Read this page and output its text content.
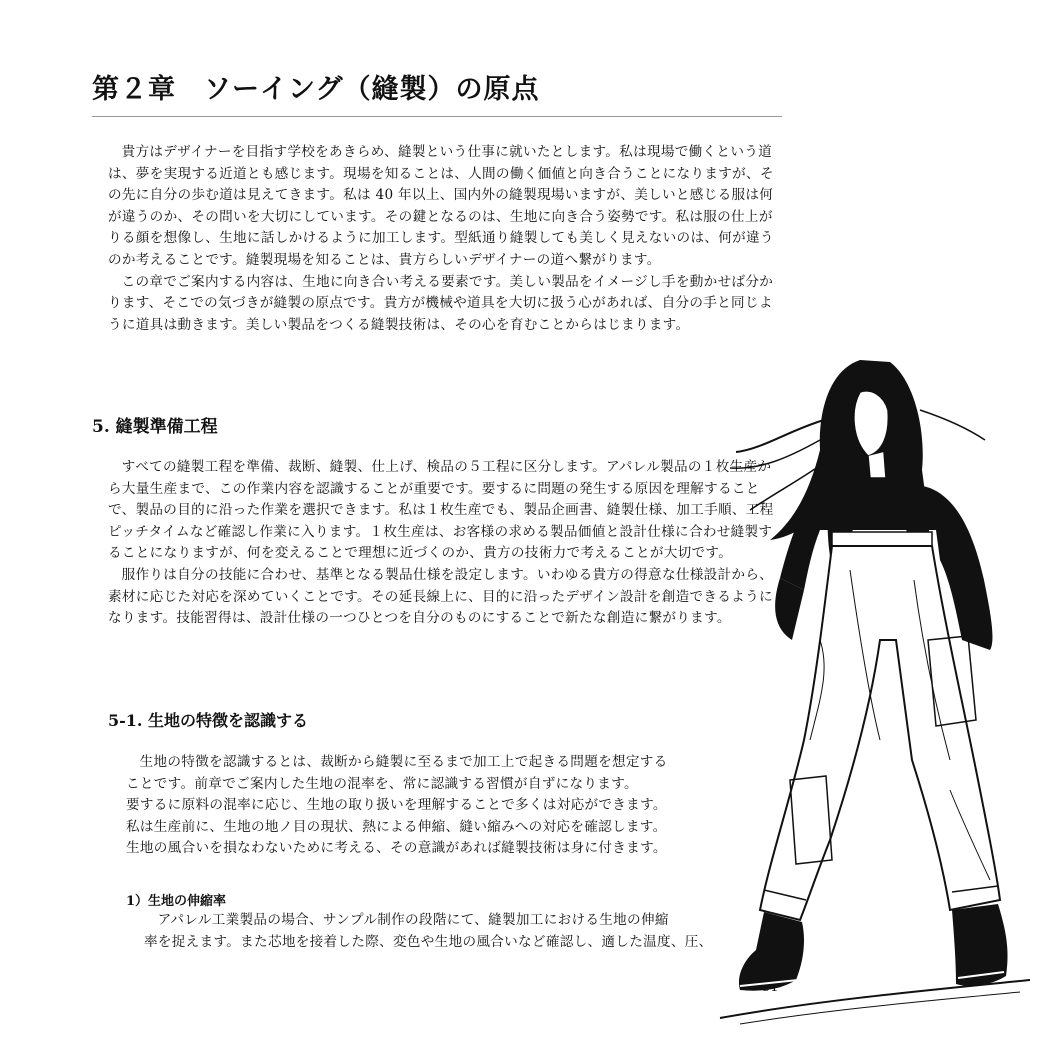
第２章　ソーイング（縫製）の原点

貴方はデザイナーを目指す学校をあきらめ、縫製という仕事に就いたとします。私は現場で働くという道は、夢を実現する近道とも感じます。現場を知ることは、人間の働く価値と向き合うことになりますが、その先に自分の歩む道は見えてきます。私は 40 年以上、国内外の縫製現場いますが、美しいと感じる服は何が違うのか、その問いを大切にしています。その鍵となるのは、生地に向き合う姿勢です。私は服の仕上がりる顔を想像し、生地に話しかけるように加工します。型紙通り縫製しても美しく見えないのは、何が違うのか考えることです。縫製現場を知ることは、貴方らしいデザイナーの道へ繋がります。

この章でご案内する内容は、生地に向き合い考える要素です。美しい製品をイメージし手を動かせば分かります、そこでの気づきが縫製の原点です。貴方が機械や道具を大切に扱う心があれば、自分の手と同じように道具は動きます。美しい製品をつくる縫製技術は、その心を育むことからはじまります。

5. 縫製準備工程

すべての縫製工程を準備、裁断、縫製、仕上げ、検品の５工程に区分します。アパレル製品の１枚生産から大量生産まで、この作業内容を認識することが重要です。要するに問題の発生する原因を理解することで、製品の目的に沿った作業を選択できます。私は１枚生産でも、製品企画書、縫製仕様、加工手順、工程ピッチタイムなど確認し作業に入ります。１枚生産は、お客様の求める製品価値と設計仕様に合わせ縫製することになりますが、何を変えることで理想に近づくのか、貴方の技術力で考えることが大切です。

服作りは自分の技能に合わせ、基準となる製品仕様を設定します。いわゆる貴方の得意な仕様設計から、素材に応じた対応を深めていくことです。その延長線上に、目的に沿ったデザイン設計を創造できるようになります。技能習得は、設計仕様の一つひとつを自分のものにすることで新たな創造に繋がります。

5-1. 生地の特徴を認識する

生地の特徴を認識するとは、裁断から縫製に至るまで加工上で起きる問題を想定する

ことです。前章でご案内した生地の混率を、常に認識する習慣が自ずになります。

要するに原料の混率に応じ、生地の取り扱いを理解することで多くは対応ができます。

私は生産前に、生地の地ノ目の現状、熱による伸縮、縫い縮みへの対応を確認します。

生地の風合いを損なわないために考える、その意識があれば縫製技術は身に付きます。

1）生地の伸縮率

アパレル工業製品の場合、サンプル制作の段階にて、縫製加工における生地の伸縮

率を捉えます。また芯地を接着した際、変色や生地の風合いなど確認し、適した温度、圧、
